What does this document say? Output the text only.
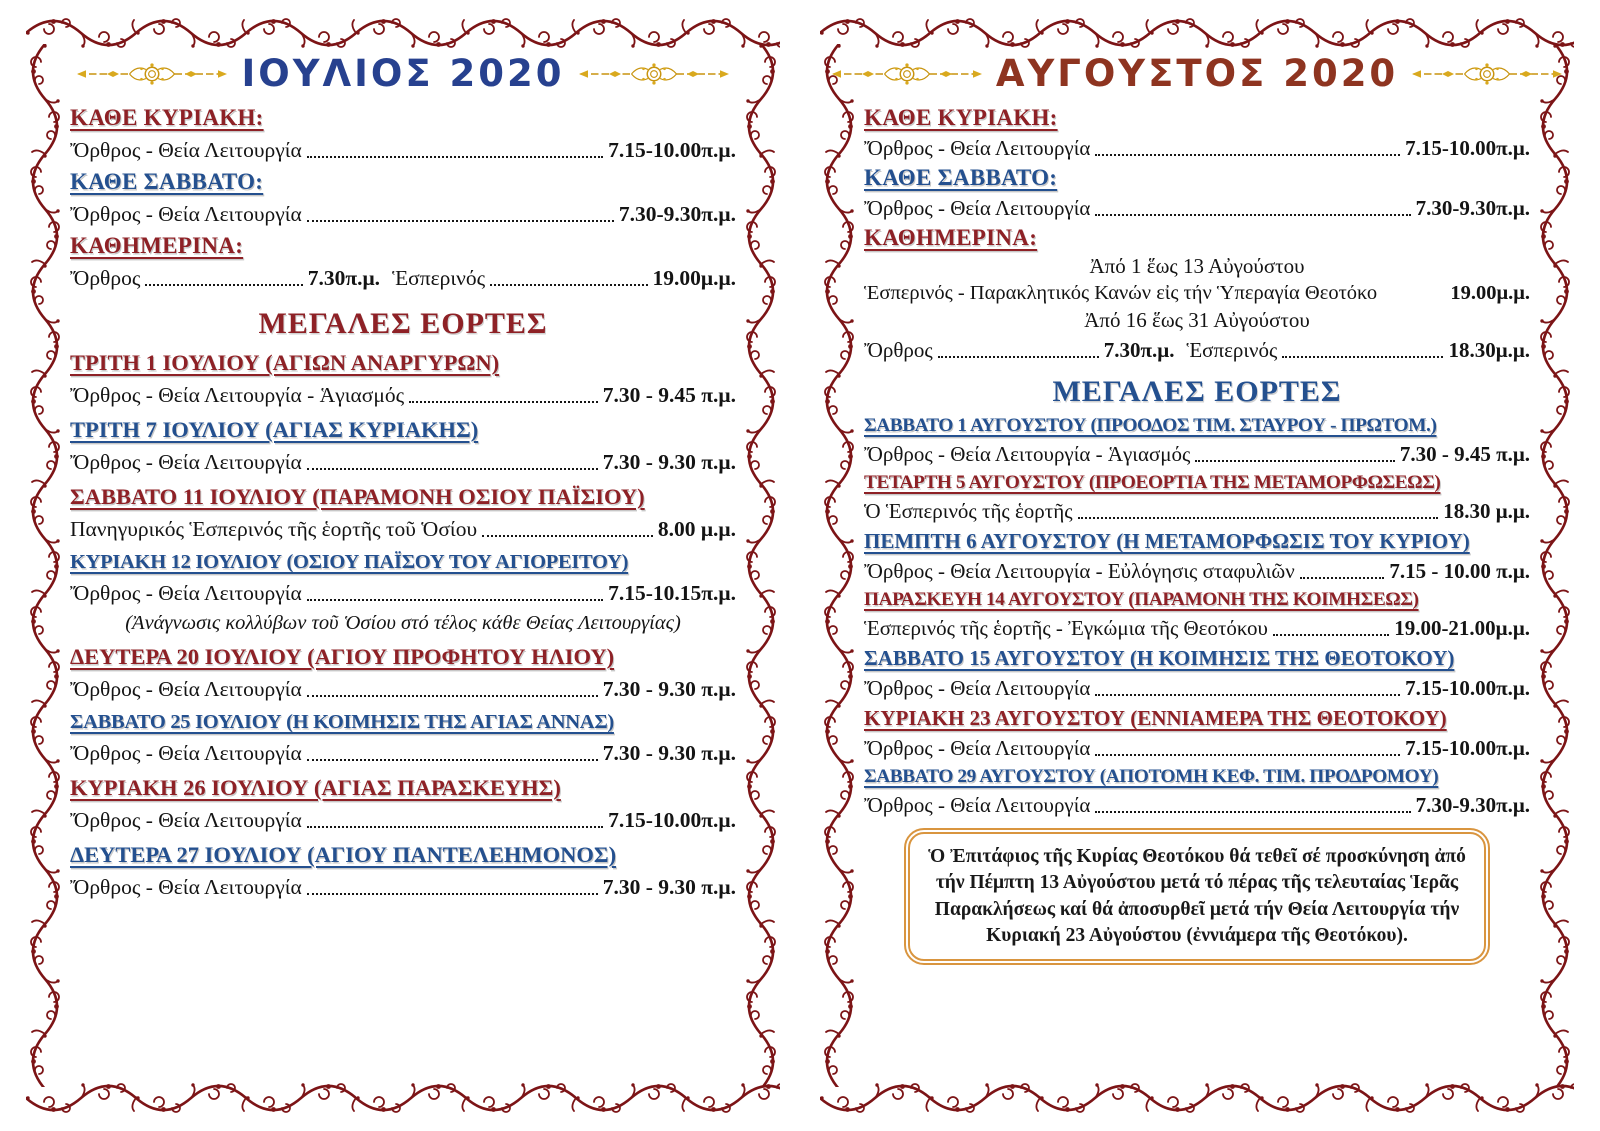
ΙΟΥΛΙΟΣ 2020
ΚΑΘΕ ΚΥΡΙΑΚΗ:
Ὄρθρος - Θεία Λειτουργία	7.15-10.00π.μ.
ΚΑΘΕ ΣΑΒΒΑΤΟ:
Ὄρθρος - Θεία Λειτουργία	7.30-9.30π.μ.
ΚΑΘΗΜΕΡΙΝΑ:
Ὄρθρος	7.30π.μ. Ἑσπερινός	19.00μ.μ.
ΜΕΓΑΛΕΣ ΕΟΡΤΕΣ
ΤΡΙΤΗ 1 ΙΟΥΛΙΟΥ (ΑΓΙΩΝ ΑΝΑΡΓΥΡΩΝ)
Ὄρθρος - Θεία Λειτουργία - Ἁγιασμός	7.30 - 9.45 π.μ.
ΤΡΙΤΗ 7 ΙΟΥΛΙΟΥ (ΑΓΙΑΣ ΚΥΡΙΑΚΗΣ)
Ὄρθρος - Θεία Λειτουργία	7.30 - 9.30 π.μ.
ΣΑΒΒΑΤΟ 11 ΙΟΥΛΙΟΥ (ΠΑΡΑΜΟΝΗ ΟΣΙΟΥ ΠΑΪΣΙΟΥ)
Πανηγυρικός Ἑσπερινός τῆς ἑορτῆς τοῦ Ὁσίου	8.00 μ.μ.
ΚΥΡΙΑΚΗ 12 ΙΟΥΛΙΟΥ (ΟΣΙΟΥ ΠΑΪΣΟΥ ΤΟΥ ΑΓΙΟΡΕΙΤΟΥ)
Ὄρθρος - Θεία Λειτουργία	7.15-10.15π.μ.
(Ἀνάγνωσις κολλύβων τοῦ Ὁσίου στό τέλος κάθε Θείας Λειτουργίας)
ΔΕΥΤΕΡΑ 20 ΙΟΥΛΙΟΥ (ΑΓΙΟΥ ΠΡΟΦΗΤΟΥ ΗΛΙΟΥ)
Ὄρθρος - Θεία Λειτουργία	7.30 - 9.30 π.μ.
ΣΑΒΒΑΤΟ 25 ΙΟΥΛΙΟΥ (Η ΚΟΙΜΗΣΙΣ ΤΗΣ ΑΓΙΑΣ ΑΝΝΑΣ)
Ὄρθρος - Θεία Λειτουργία	7.30 - 9.30 π.μ.
ΚΥΡΙΑΚΗ 26 ΙΟΥΛΙΟΥ (ΑΓΙΑΣ ΠΑΡΑΣΚΕΥΗΣ)
Ὄρθρος - Θεία Λειτουργία	7.15-10.00π.μ.
ΔΕΥΤΕΡΑ 27 ΙΟΥΛΙΟΥ (ΑΓΙΟΥ ΠΑΝΤΕΛΕΗΜΟΝΟΣ)
Ὄρθρος - Θεία Λειτουργία	7.30 - 9.30 π.μ.
ΑΥΓΟΥΣΤΟΣ 2020
ΚΑΘΕ ΚΥΡΙΑΚΗ:
Ὄρθρος - Θεία Λειτουργία	7.15-10.00π.μ.
ΚΑΘΕ ΣΑΒΒΑΤΟ:
Ὄρθρος - Θεία Λειτουργία	7.30-9.30π.μ.
ΚΑΘΗΜΕΡΙΝΑ:
Ἀπό 1 ἕως 13 Αὐγούστου
Ἑσπερινός - Παρακλητικός Κανών εἰς τήν Ὑπεραγία Θεοτόκο	19.00μ.μ.
Ἀπό 16 ἕως 31 Αὐγούστου
Ὄρθρος	7.30π.μ. Ἑσπερινός	18.30μ.μ.
ΜΕΓΑΛΕΣ ΕΟΡΤΕΣ
ΣΑΒΒΑΤΟ 1 ΑΥΓΟΥΣΤΟΥ (ΠΡΟΟΔΟΣ ΤΙΜ. ΣΤΑΥΡΟΥ - ΠΡΩΤΟΜ.)
Ὄρθρος - Θεία Λειτουργία - Ἁγιασμός	7.30 - 9.45 π.μ.
ΤΕΤΑΡΤΗ 5 ΑΥΓΟΥΣΤΟΥ (ΠΡΟΕΟΡΤΙΑ ΤΗΣ ΜΕΤΑΜΟΡΦΩΣΕΩΣ)
Ὁ Ἑσπερινός τῆς ἑορτῆς	18.30 μ.μ.
ΠΕΜΠΤΗ 6 ΑΥΓΟΥΣΤΟΥ (Η ΜΕΤΑΜΟΡΦΩΣΙΣ ΤΟΥ ΚΥΡΙΟΥ)
Ὄρθρος - Θεία Λειτουργία - Εὐλόγησις σταφυλιῶν	7.15 - 10.00 π.μ.
ΠΑΡΑΣΚΕΥΗ 14 ΑΥΓΟΥΣΤΟΥ (ΠΑΡΑΜΟΝΗ ΤΗΣ ΚΟΙΜΗΣΕΩΣ)
Ἑσπερινός τῆς ἑορτῆς - Ἐγκώμια τῆς Θεοτόκου	19.00-21.00μ.μ.
ΣΑΒΒΑΤΟ 15 ΑΥΓΟΥΣΤΟΥ (Η ΚΟΙΜΗΣΙΣ ΤΗΣ ΘΕΟΤΟΚΟΥ)
Ὄρθρος - Θεία Λειτουργία	7.15-10.00π.μ.
ΚΥΡΙΑΚΗ 23 ΑΥΓΟΥΣΤΟΥ (ΕΝΝΙΑΜΕΡΑ ΤΗΣ ΘΕΟΤΟΚΟΥ)
Ὄρθρος - Θεία Λειτουργία	7.15-10.00π.μ.
ΣΑΒΒΑΤΟ 29 ΑΥΓΟΥΣΤΟΥ (ΑΠΟΤΟΜΗ ΚΕΦ. ΤΙΜ. ΠΡΟΔΡΟΜΟΥ)
Ὄρθρος - Θεία Λειτουργία	7.30-9.30π.μ.
Ὁ Ἐπιτάφιος τῆς Κυρίας Θεοτόκου θά τεθεῖ σέ προσκύνηση ἀπό τήν Πέμπτη 13 Αὐγούστου μετά τό πέρας τῆς τελευταίας Ἱερᾶς Παρακλήσεως καί θά ἀποσυρθεῖ μετά τήν Θεία Λειτουργία τήν Κυριακή 23 Αὐγούστου (ἐννιάμερα τῆς Θεοτόκου).
